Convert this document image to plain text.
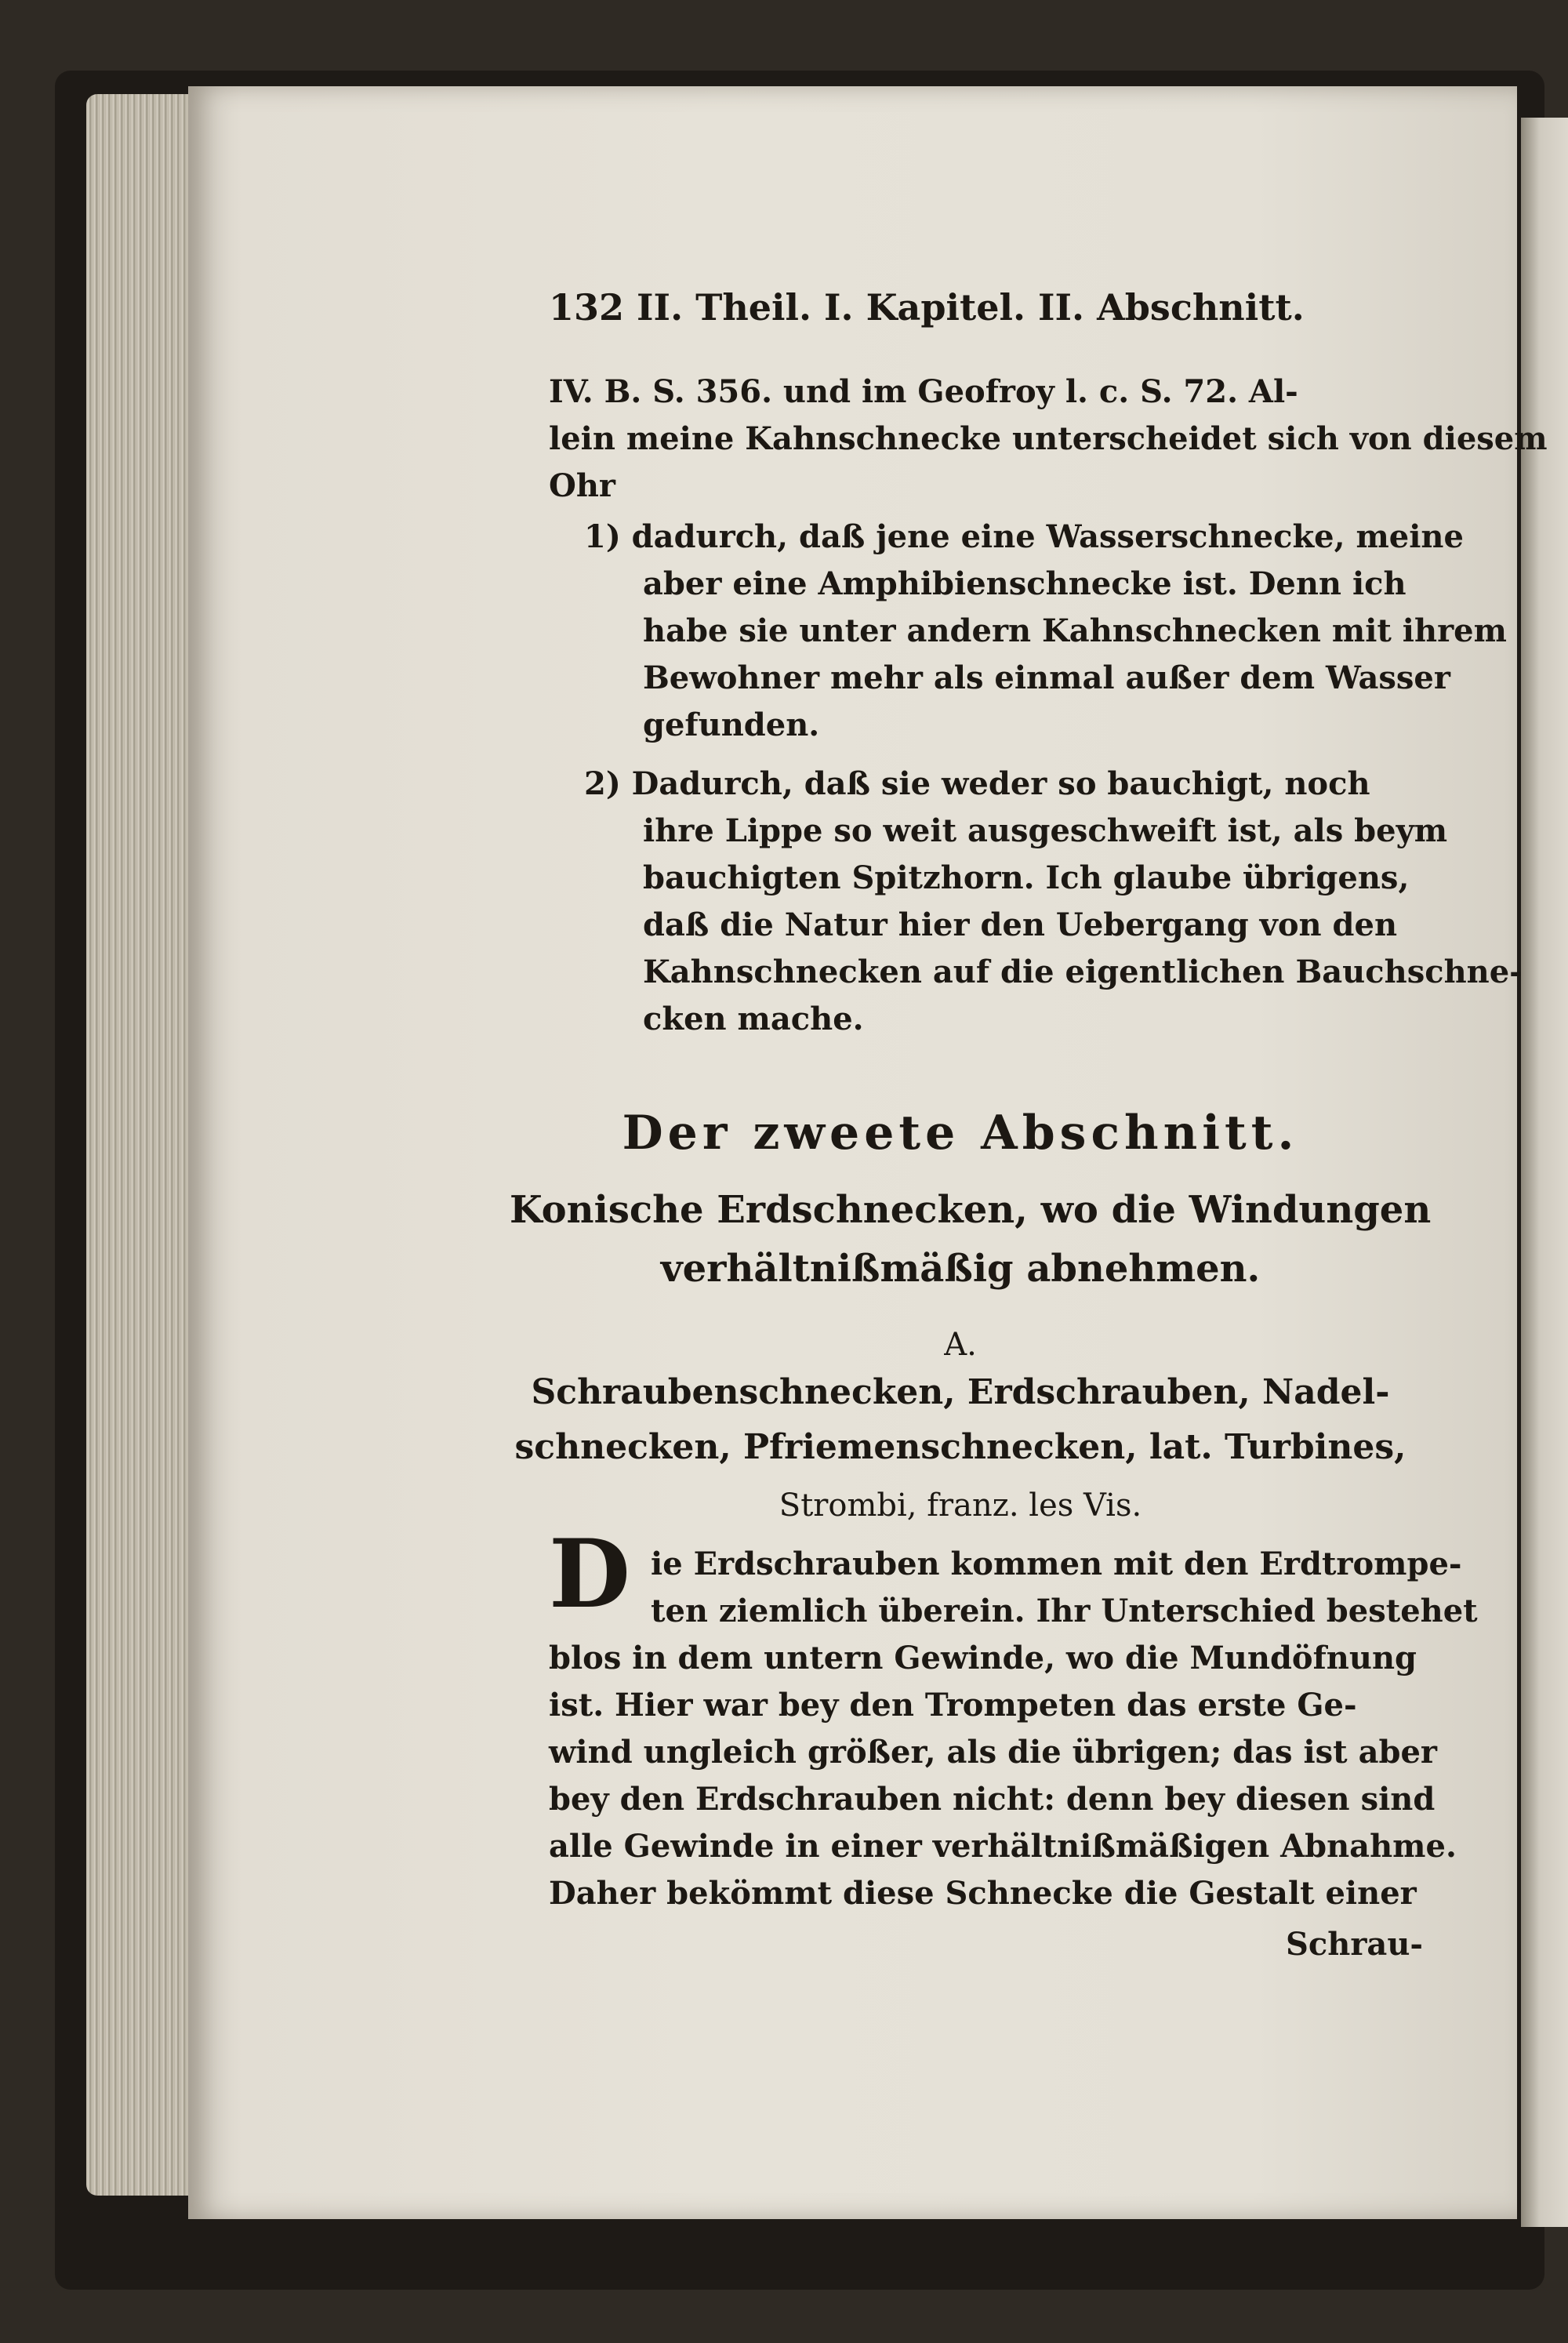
132 II. Theil. I. Kapitel. II. Abschnitt.
IV. B. S. 356. und im Geofroy l. c. S. 72. Al-
lein meine Kahnschnecke unterscheidet sich von diesem
Ohr
1) dadurch, daß jene eine Wasserschnecke, meine
aber eine Amphibienschnecke ist. Denn ich
habe sie unter andern Kahnschnecken mit ihrem
Bewohner mehr als einmal außer dem Wasser
gefunden.
2) Dadurch, daß sie weder so bauchigt, noch
ihre Lippe so weit ausgeschweift ist, als beym
bauchigten Spitzhorn. Ich glaube übrigens,
daß die Natur hier den Uebergang von den
Kahnschnecken auf die eigentlichen Bauchschne-
cken mache.
Der zweete Abschnitt.
Konische Erdschnecken, wo die Windungen
verhältnißmäßig abnehmen.
A.
Schraubenschnecken, Erdschrauben, Nadel-
schnecken, Pfriemenschnecken, lat. Turbines,
Strombi, franz. les Vis.
D ie Erdschrauben kommen mit den Erdtrompe-
ten ziemlich überein. Ihr Unterschied bestehet
blos in dem untern Gewinde, wo die Mundöfnung
ist. Hier war bey den Trompeten das erste Ge-
wind ungleich größer, als die übrigen; das ist aber
bey den Erdschrauben nicht: denn bey diesen sind
alle Gewinde in einer verhältnißmäßigen Abnahme.
Daher bekömmt diese Schnecke die Gestalt einer
Schrau-
